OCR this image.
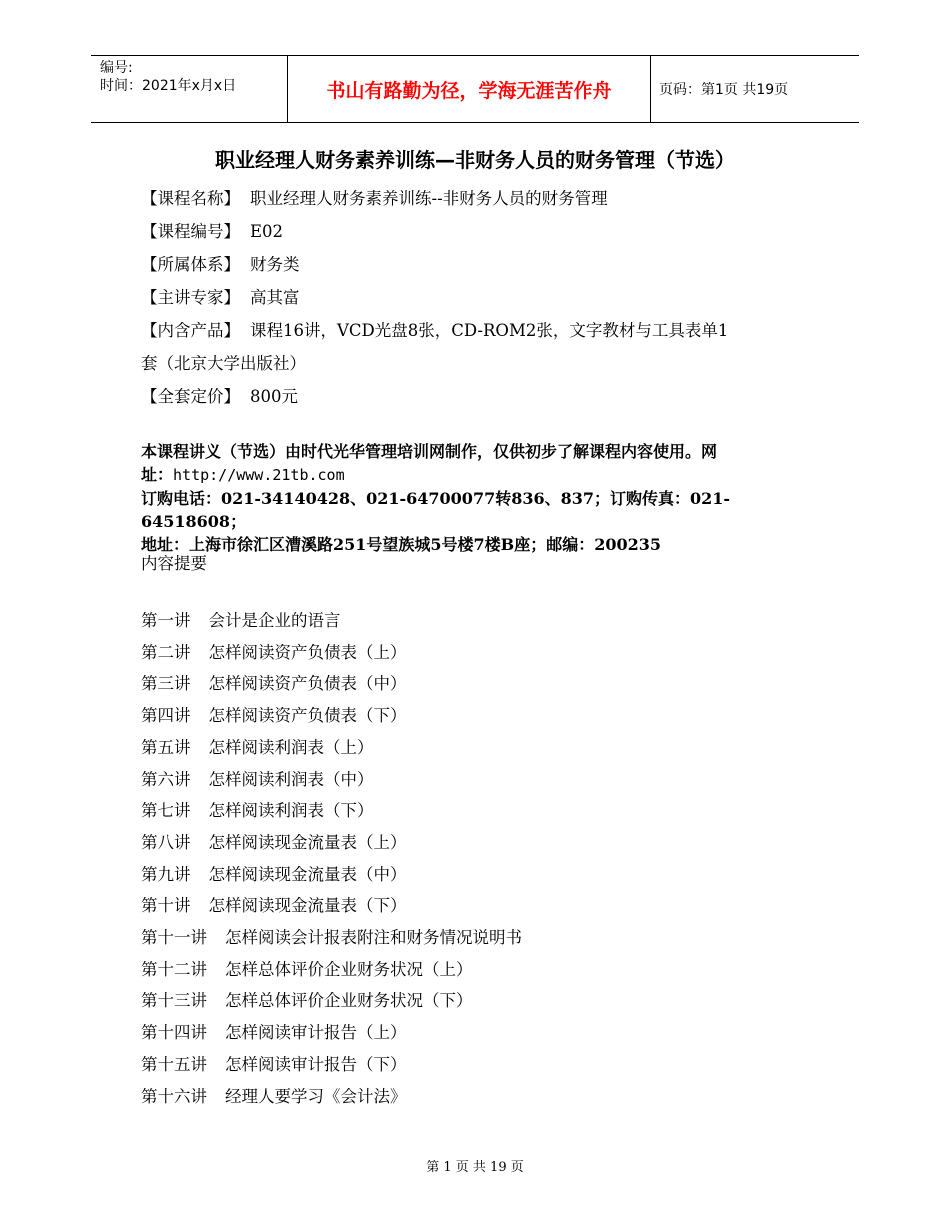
编号:
时间：2021年x月x日	书山有路勤为径，学海无涯苦作舟	页码：第1页 共19页
职业经理人财务素养训练—非财务人员的财务管理（节选）
【课程名称】 职业经理人财务素养训练--非财务人员的财务管理
【课程编号】 E02
【所属体系】 财务类
【主讲专家】 高其富
【内含产品】 课程16讲，VCD光盘8张，CD-ROM2张，文字教材与工具表单1
套（北京大学出版社）
【全套定价】 800元
本课程讲义（节选）由时代光华管理培训网制作，仅供初步了解课程内容使用。网
址：http://www.21tb.com
订购电话：021-34140428、021-64700077转836、837；订购传真：021-64518608；
地址：上海市徐汇区漕溪路251号望族城5号楼7楼B座；邮编：200235
内容提要
第一讲 会计是企业的语言
第二讲 怎样阅读资产负债表（上）
第三讲 怎样阅读资产负债表（中）
第四讲 怎样阅读资产负债表（下）
第五讲 怎样阅读利润表（上）
第六讲 怎样阅读利润表（中）
第七讲 怎样阅读利润表（下）
第八讲 怎样阅读现金流量表（上）
第九讲 怎样阅读现金流量表（中）
第十讲 怎样阅读现金流量表（下）
第十一讲 怎样阅读会计报表附注和财务情况说明书
第十二讲 怎样总体评价企业财务状况（上）
第十三讲 怎样总体评价企业财务状况（下）
第十四讲 怎样阅读审计报告（上）
第十五讲 怎样阅读审计报告（下）
第十六讲 经理人要学习《会计法》
第 1 页 共 19 页
